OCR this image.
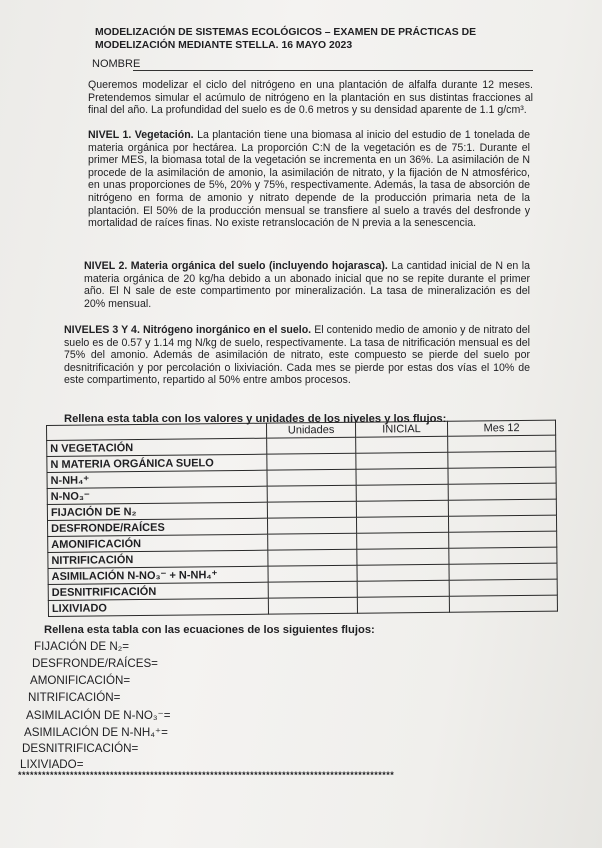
MODELIZACIÓN DE SISTEMAS ECOLÓGICOS – EXAMEN DE PRÁCTICAS DE MODELIZACIÓN MEDIANTE STELLA. 16 MAYO 2023
NOMBRE
Queremos modelizar el ciclo del nitrógeno en una plantación de alfalfa durante 12 meses. Pretendemos simular el acúmulo de nitrógeno en la plantación en sus distintas fracciones al final del año. La profundidad del suelo es de 0.6 metros y su densidad aparente de 1.1 g/cm³.
NIVEL 1. Vegetación. La plantación tiene una biomasa al inicio del estudio de 1 tonelada de materia orgánica por hectárea. La proporción C:N de la vegetación es de 75:1. Durante el primer MES, la biomasa total de la vegetación se incrementa en un 36%. La asimilación de N procede de la asimilación de amonio, la asimilación de nitrato, y la fijación de N atmosférico, en unas proporciones de 5%, 20% y 75%, respectivamente. Además, la tasa de absorción de nitrógeno en forma de amonio y nitrato depende de la producción primaria neta de la plantación. El 50% de la producción mensual se transfiere al suelo a través del desfronde y mortalidad de raíces finas. No existe retranslocación de N previa a la senescencia.
NIVEL 2. Materia orgánica del suelo (incluyendo hojarasca). La cantidad inicial de N en la materia orgánica de 20 kg/ha debido a un abonado inicial que no se repite durante el primer año. El N sale de este compartimento por mineralización. La tasa de mineralización es del 20% mensual.
NIVELES 3 Y 4. Nitrógeno inorgánico en el suelo. El contenido medio de amonio y de nitrato del suelo es de 0.57 y 1.14 mg N/kg de suelo, respectivamente. La tasa de nitrificación mensual es del 75% del amonio. Además de asimilación de nitrato, este compuesto se pierde del suelo por desnitrificación y por percolación o lixiviación. Cada mes se pierde por estas dos vías el 10% de este compartimento, repartido al 50% entre ambos procesos.
Rellena esta tabla con los valores y unidades de los niveles y los flujos:
	Unidades	INICIAL	Mes 12
N VEGETACIÓN			
N MATERIA ORGÁNICA SUELO			
N-NH₄⁺			
N-NO₃⁻			
FIJACIÓN DE N₂			
DESFRONDE/RAÍCES			
AMONIFICACIÓN			
NITRIFICACIÓN			
ASIMILACIÓN N-NO₃⁻ + N-NH₄⁺			
DESNITRIFICACIÓN			
LIXIVIADO			
Rellena esta tabla con las ecuaciones de los siguientes flujos:
FIJACIÓN DE N₂=
DESFRONDE/RAÍCES=
AMONIFICACIÓN=
NITRIFICACIÓN=
ASIMILACIÓN DE N-NO₃⁻=
ASIMILACIÓN DE N-NH₄⁺=
DESNITRIFICACIÓN=
LIXIVIADO=
**********************************************************************************************
